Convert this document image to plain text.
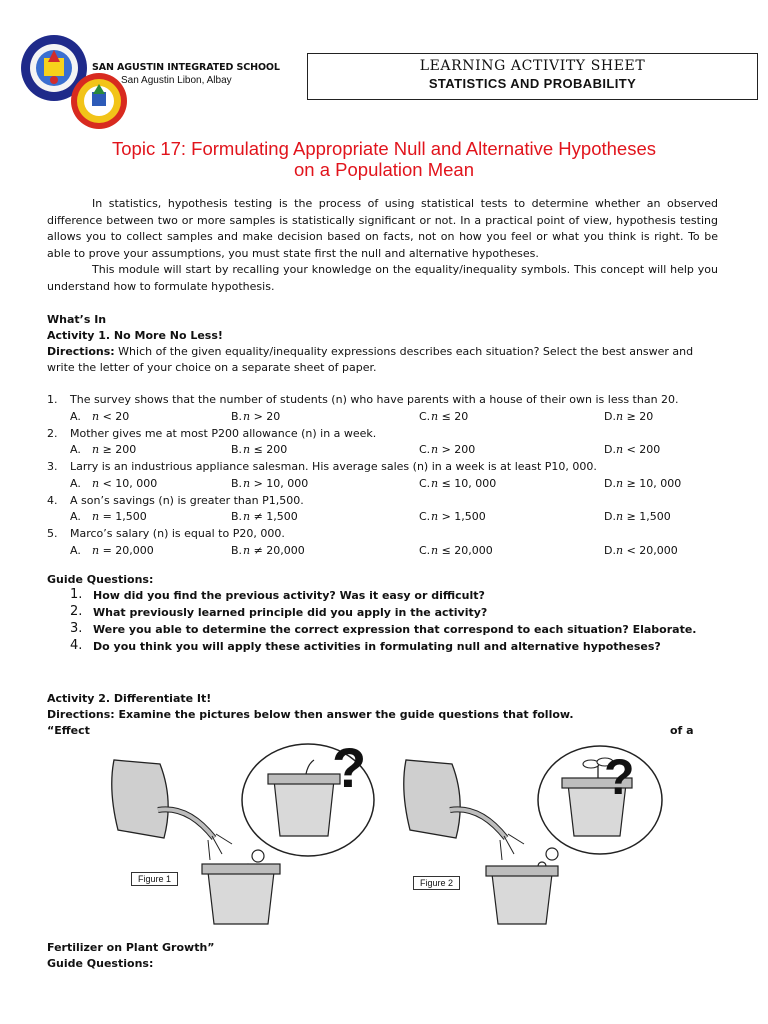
SAN AGUSTIN INTEGRATED SCHOOL
San Agustin Libon, Albay
LEARNING ACTIVITY SHEET
STATISTICS AND PROBABILITY
Topic 17: Formulating Appropriate Null and Alternative Hypotheses
on a Population Mean

In statistics, hypothesis testing is the process of using statistical tests to determine whether an observed difference between two or more samples is statistically significant or not. In a practical point of view, hypothesis testing allows you to collect samples and make decision based on facts, not on how you feel or what you think is right. To be able to prove your assumptions, you must state first the null and alternative hypotheses.

This module will start by recalling your knowledge on the equality/inequality symbols. This concept will help you understand how to formulate hypothesis.

What’s In
Activity 1. No More No Less!
Directions: Which of the given equality/inequality expressions describes each situation? Select the best answer and
write the letter of your choice on a separate sheet of paper.
1. The survey shows that the number of students (n) who have parents with a house of their own is less than 20.
A. n < 20	B.n > 20	C.n ≤ 20	D.n ≥ 20
2. Mother gives me at most P200 allowance (n) in a week.
A. n ≥ 200	B.n ≤ 200	C.n > 200	D.n < 200
3. Larry is an industrious appliance salesman. His average sales (n) in a week is at least P10, 000.
A. n < 10, 000	B.n > 10, 000	C.n ≤ 10, 000	D.n ≥ 10, 000
4. A son’s savings (n) is greater than P1,500.
A. n = 1,500	B.n ≠ 1,500	C.n > 1,500	D.n ≥ 1,500
5. Marco’s salary (n) is equal to P20, 000.
A. n = 20,000	B.n ≠ 20,000	C.n ≤ 20,000	D.n < 20,000
Guide Questions:
1. How did you find the previous activity? Was it easy or difficult?
2. What previously learned principle did you apply in the activity?
3. Were you able to determine the correct expression that correspond to each situation? Elaborate.
4. Do you think you will apply these activities in formulating null and alternative hypotheses?
Activity 2. Differentiate It!
Directions: Examine the pictures below then answer the guide questions that follow.
“Effect	of a
?
Figure 1
?
Figure 2
Fertilizer on Plant Growth”
Guide Questions:
